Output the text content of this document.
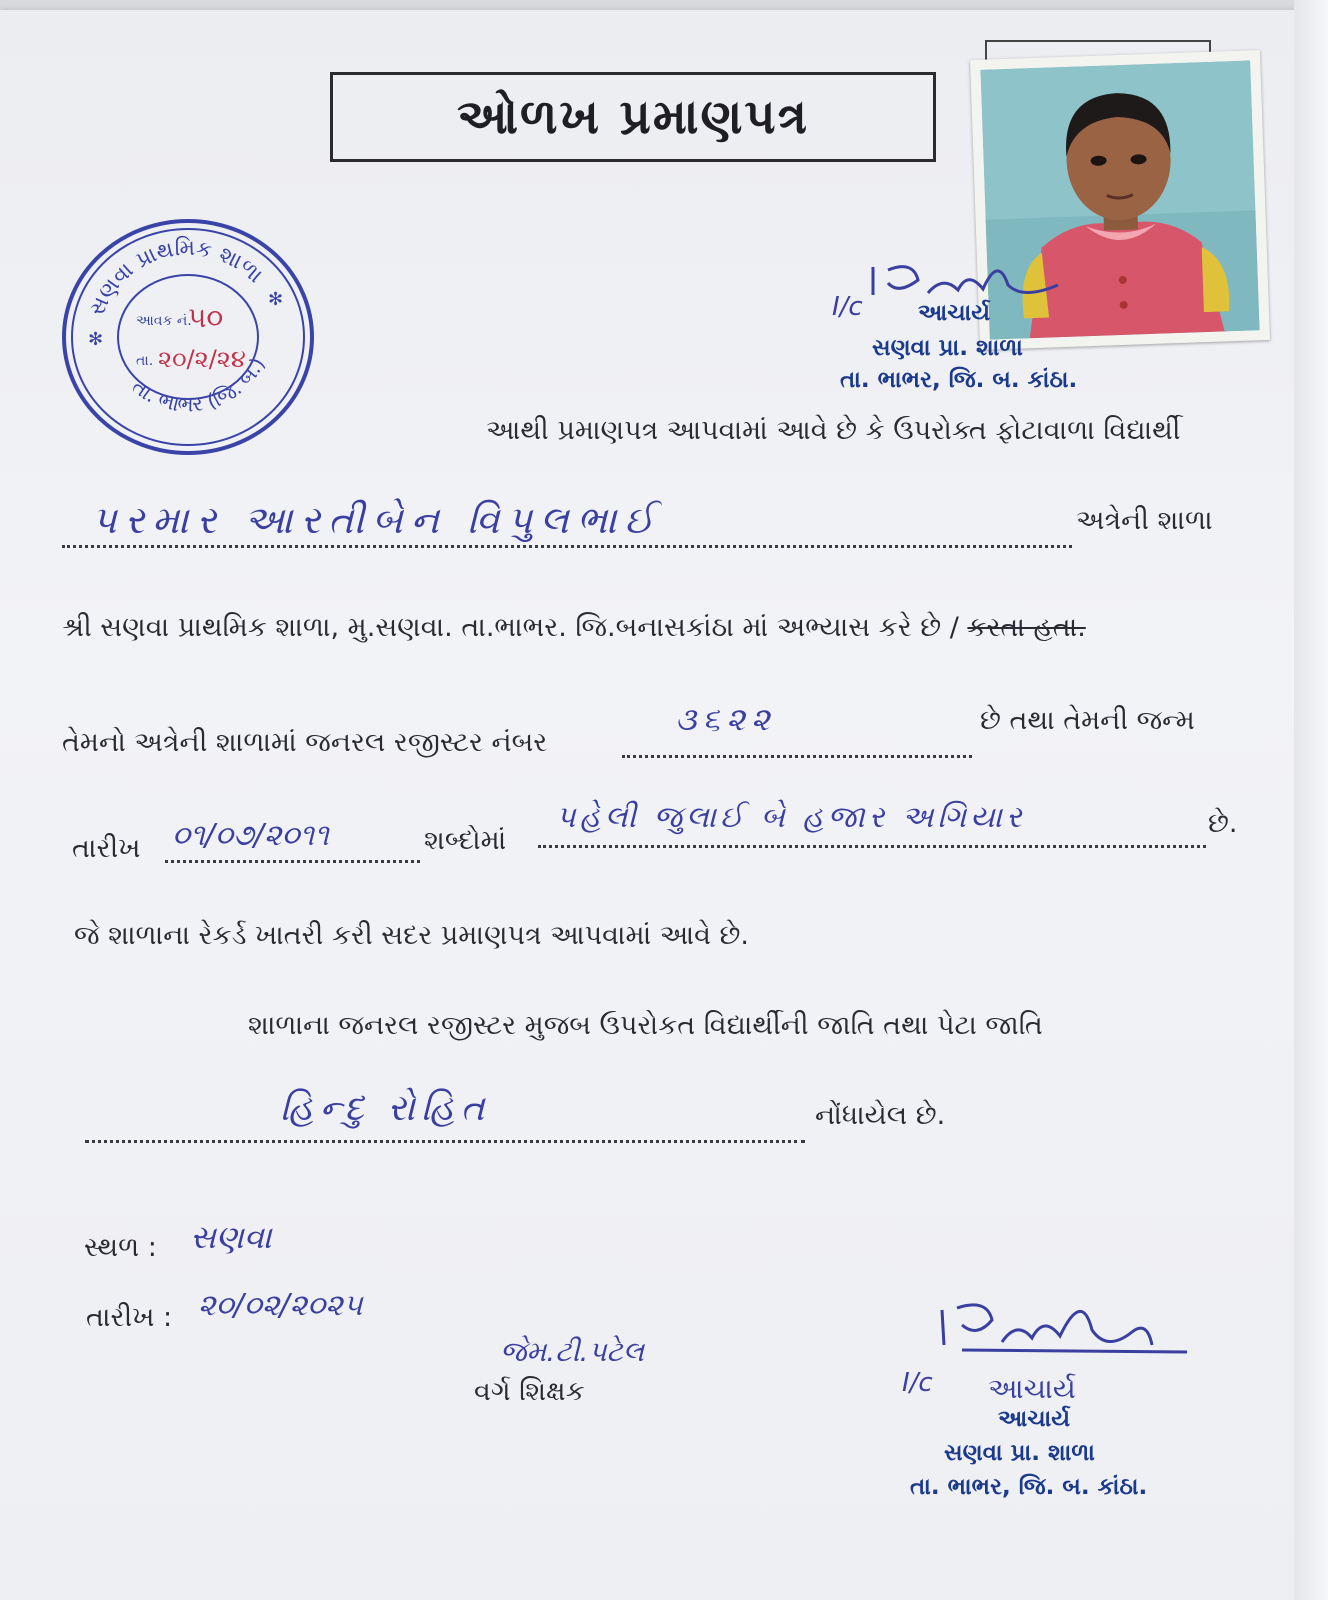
ઓળખ પ્રમાણપત્ર
I/c આચાર્ય
સણવા પ્રા. શાળા
તા. ભાભર, જિ. બ. કાંઠા.
સણવા પ્રાથમિક શાળા
તા. ભાભર (જિ. બ.)
✻
✻
આવક નં.
૫૦
તા. ૨૦/૨/૨૪
આથી પ્રમાણપત્ર આપવામાં આવે છે કે ઉપરોક્ત ફોટાવાળા વિદ્યાર્થી
પરમાર આરતીબેન વિપુલભાઈ	અત્રેની શાળા
શ્રી સણવા પ્રાથમિક શાળા, મુ.સણવા. તા.ભાભર. જિ.બનાસકાંઠા માં અભ્યાસ કરે છે / કરતા હતા.
તેમનો અત્રેની શાળામાં જનરલ રજીસ્ટર નંબર
૩૬૨૨	છે તથા તેમની જન્મ
તારીખ ૦૧/૦૭/૨૦૧૧	શબ્દોમાં
પહેલી જુલાઈ બે હજાર અગિયાર	છે.
જે શાળાના રેકર્ડ ખાતરી કરી સદર પ્રમાણપત્ર આપવામાં આવે છે.
શાળાના જનરલ રજીસ્ટર મુજબ ઉપરોકત વિદ્યાર્થીની જાતિ તથા પેટા જાતિ
હિન્દુ રોહિત	નોંધાયેલ છે.
સ્થળ : સણવા
તારીખ : ૨૦/૦૨/૨૦૨૫
જેમ.ટી.પટેલ
વર્ગ શિક્ષક	I/c આચાર્ય
આચાર્ય
સણવા પ્રા. શાળા
તા. ભાભર, જિ. બ. કાંઠા.
